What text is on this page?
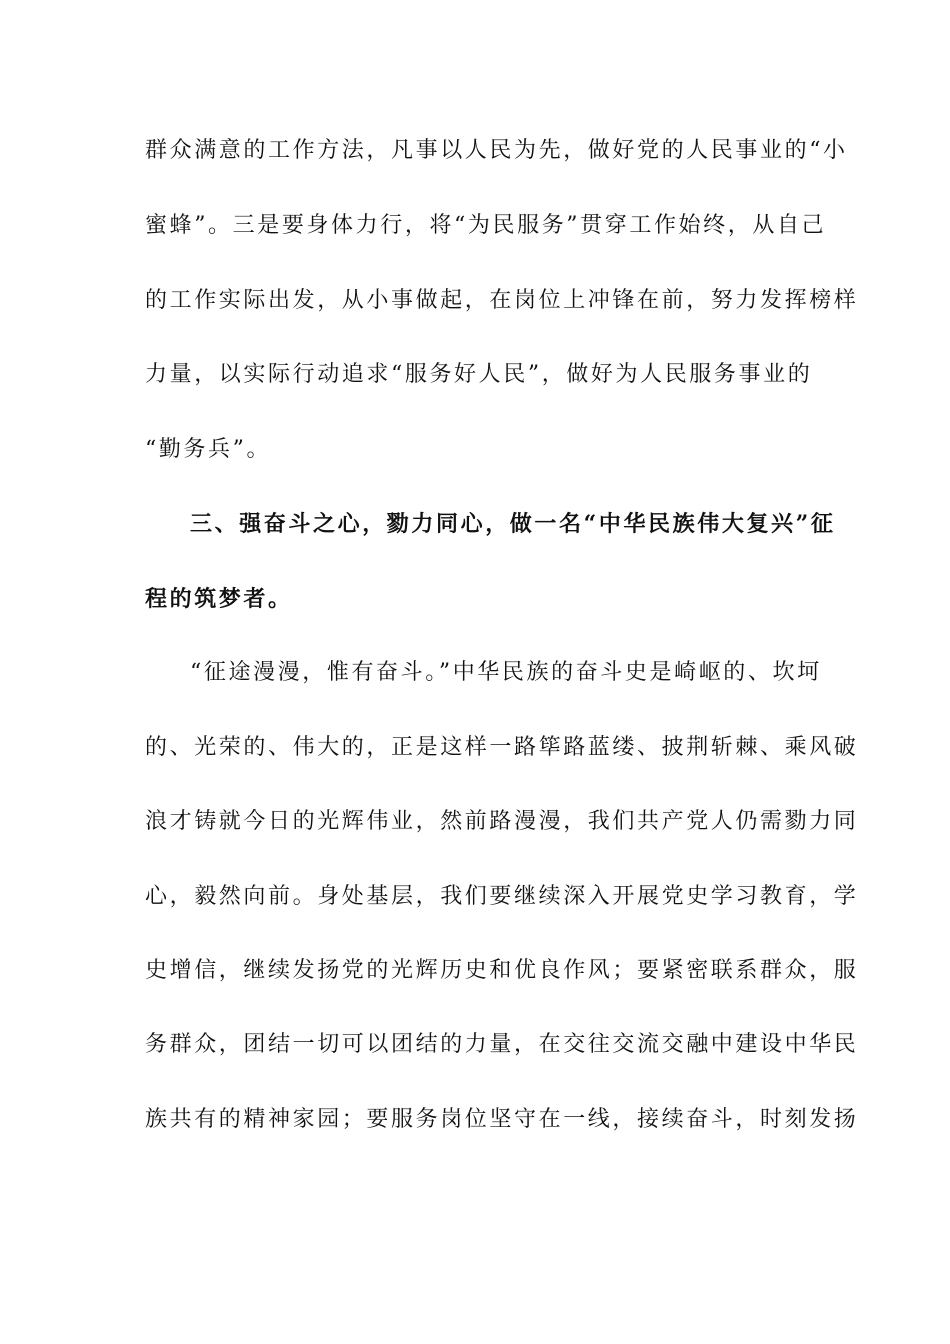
群众满意的工作方法，凡事以人民为先，做好党的人民事业的“小
蜜蜂”。三是要身体力行，将“为民服务”贯穿工作始终，从自己
的工作实际出发，从小事做起，在岗位上冲锋在前，努力发挥榜样
力量，以实际行动追求“服务好人民”，做好为人民服务事业的
“勤务兵”。
三、强奋斗之心，勠力同心，做一名“中华民族伟大复兴”征
程的筑梦者。
“征途漫漫，惟有奋斗。”中华民族的奋斗史是崎岖的、坎坷
的、光荣的、伟大的，正是这样一路筚路蓝缕、披荆斩棘、乘风破
浪才铸就今日的光辉伟业，然前路漫漫，我们共产党人仍需勠力同
心，毅然向前。身处基层，我们要继续深入开展党史学习教育，学
史增信，继续发扬党的光辉历史和优良作风；要紧密联系群众，服
务群众，团结一切可以团结的力量，在交往交流交融中建设中华民
族共有的精神家园；要服务岗位坚守在一线，接续奋斗，时刻发扬
